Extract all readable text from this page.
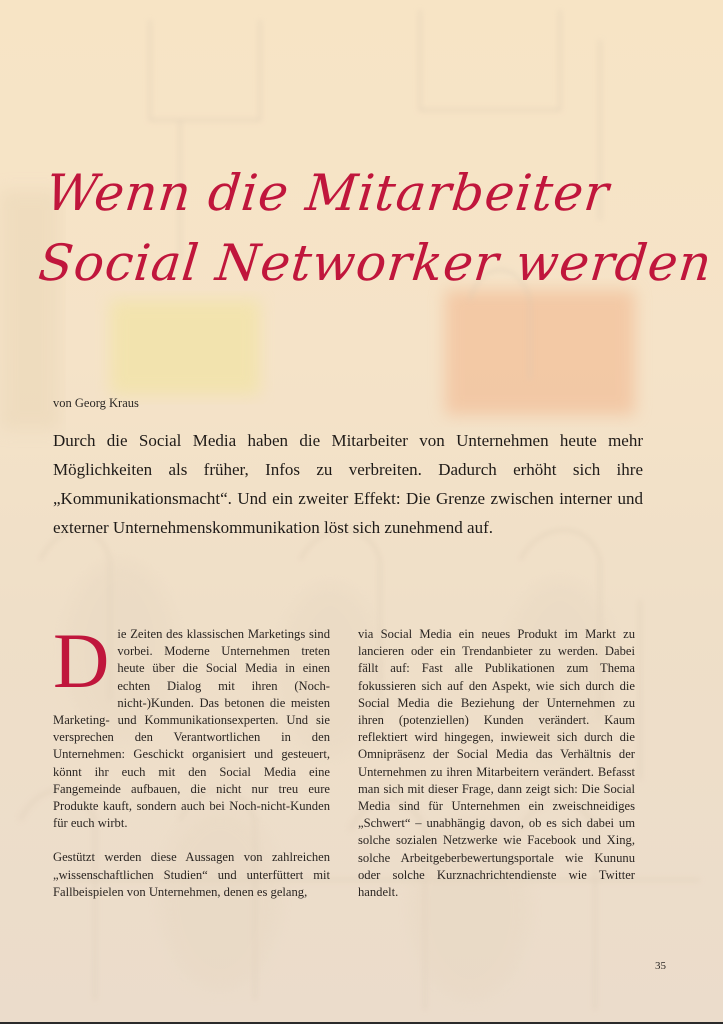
Wenn die Mitarbeiter
Social Networker werden
von Georg Kraus

Durch die Social Media haben die Mitarbeiter von Unternehmen heute mehr Möglichkeiten als früher, Infos zu verbreiten. Dadurch erhöht sich ihre „Kommunikationsmacht“. Und ein zweiter Effekt: Die Grenze zwischen interner und externer Unternehmenskommunikation löst sich zunehmend auf.

Die Zeiten des klassischen Marketings sind vorbei. Moderne Unternehmen treten heute über die Social Media in einen echten Dialog mit ihren (Noch-nicht-)Kunden. Das betonen die meisten Marketing- und Kommunikationsexperten. Und sie versprechen den Verantwortlichen in den Unternehmen: Geschickt organisiert und gesteuert, könnt ihr euch mit den Social Media eine Fangemeinde aufbauen, die nicht nur treu eure Produkte kauft, sondern auch bei Noch-nicht-Kunden für euch wirbt.

Gestützt werden diese Aussagen von zahlreichen „wissenschaftlichen Studien“ und unterfüttert mit Fallbeispielen von Unternehmen, denen es gelang,

via Social Media ein neues Produkt im Markt zu lancieren oder ein Trendanbieter zu werden. Dabei fällt auf: Fast alle Publikationen zum Thema fokussieren sich auf den Aspekt, wie sich durch die Social Media die Beziehung der Unternehmen zu ihren (potenziellen) Kunden verändert. Kaum reflektiert wird hingegen, inwieweit sich durch die Omnipräsenz der Social Media das Verhältnis der Unternehmen zu ihren Mitarbeitern verändert. Befasst man sich mit dieser Frage, dann zeigt sich: Die Social Media sind für Unternehmen ein zweischneidiges „Schwert“ – unabhängig davon, ob es sich dabei um solche sozialen Netzwerke wie Facebook und Xing, solche Arbeitgeberbewertungsportale wie Kununu oder solche Kurznachrichtendienste wie Twitter handelt.

35
